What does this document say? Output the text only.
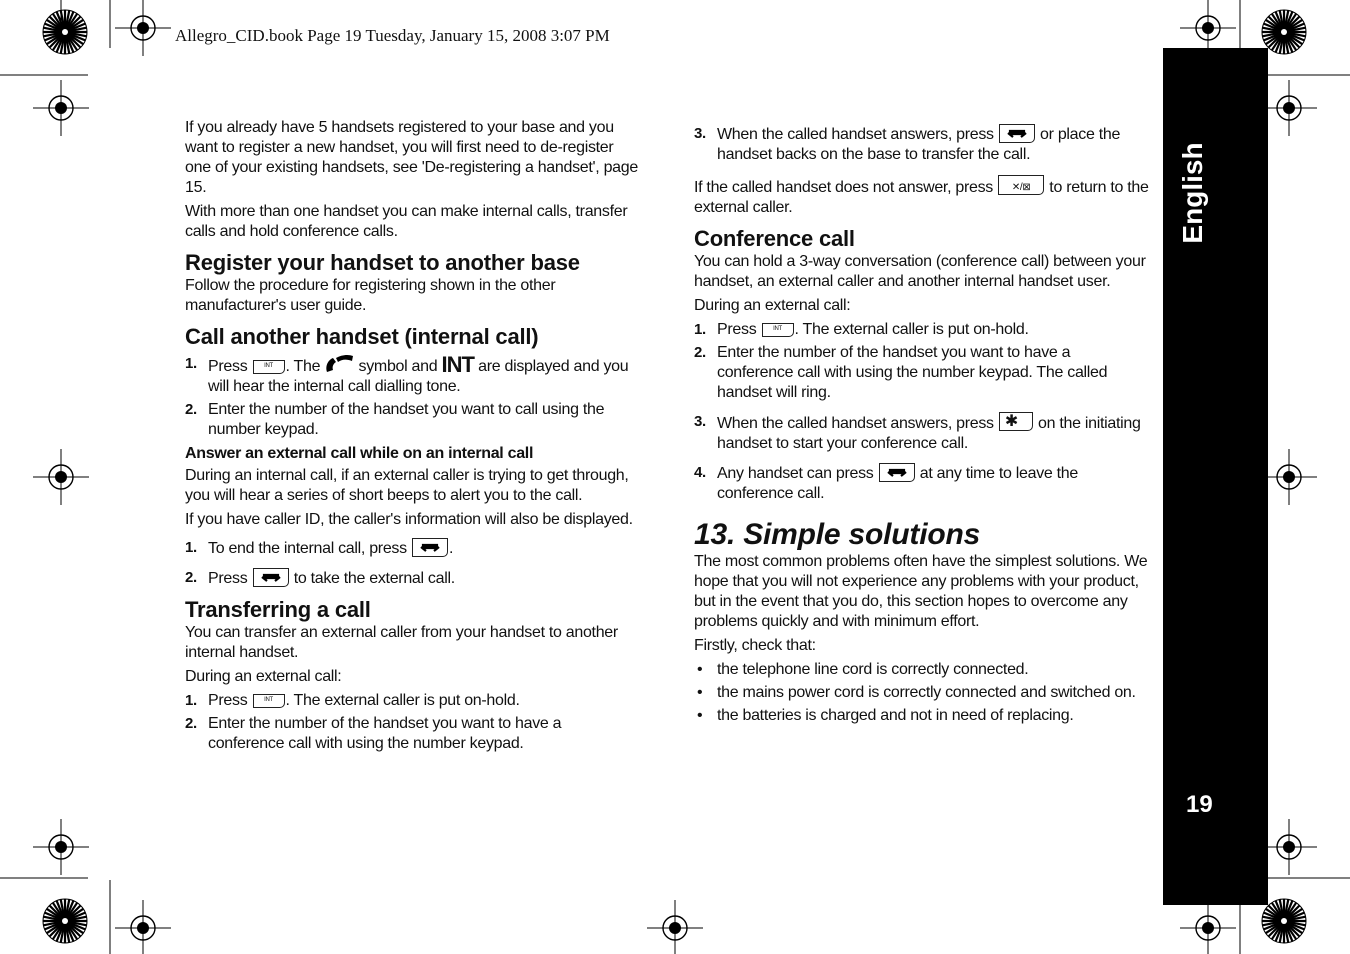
Allegro_CID.book Page 19 Tuesday, January 15, 2008 3:07 PM
English
19

If you already have 5 handsets registered to your base and you want to register a new handset, you will first need to de-register one of your existing handsets, see 'De-registering a handset', page 15.

With more than one handset you can make internal calls, transfer calls and hold conference calls.

Register your handset to another base

Follow the procedure for registering shown in the other manufacturer's user guide.

Call another handset (internal call)
1. Press	INT . The  symbol and INT are displayed and you will hear the internal call dialling tone.
2. Enter the number of the handset you want to call using the number keypad.
Answer an external call while on an internal call

During an internal call, if an external caller is trying to get through, you will hear a series of short beeps to alert you to the call.

If you have caller ID, the caller's information will also be displayed.

1. To end the internal call, press .
2. Press  to take the external call.
Transferring a call

You can transfer an external caller from your handset to another internal handset.

During an external call:

1. Press	INT . The external caller is put on-hold.
2. Enter the number of the handset you want to have a conference call with using the number keypad.
3. When the called handset answers, press  or place the handset backs on the base to transfer the call.

If the called handset does not answer, press	✕/⊠ to return to the external caller.

Conference call

You can hold a 3-way conversation (conference call) between your handset, an external caller and another internal handset user.

During an external call:

1. Press	INT . The external caller is put on-hold.
2. Enter the number of the handset you want to have a conference call with using the number keypad. The called handset will ring.
3. When the called handset answers, press ✱ on the initiating handset to start your conference call.
4. Any handset can press  at any time to leave the conference call.
13. Simple solutions

The most common problems often have the simplest solutions. We hope that you will not experience any problems with your product, but in the event that you do, this section hopes to overcome any problems quickly and with minimum effort.

Firstly, check that:

• the telephone line cord is correctly connected.
• the mains power cord is correctly connected and switched on.
• the batteries is charged and not in need of replacing.
